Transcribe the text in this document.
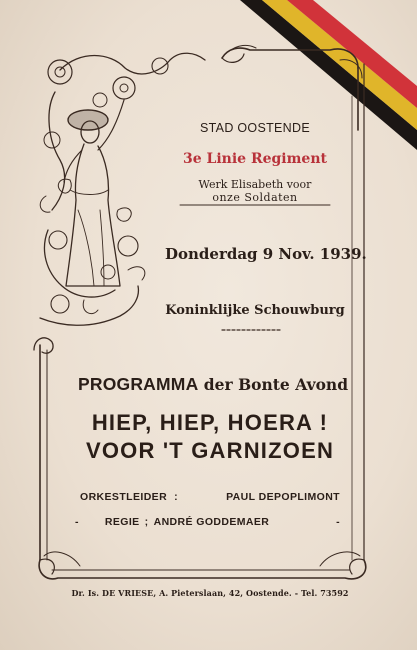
STAD OOSTENDE
3e Linie Regiment
Werk Elisabeth voor
onze Soldaten
Donderdag 9 Nov. 1939.
Koninklijke Schouwburg
PROGRAMMA der Bonte Avond
HIEP, HIEP, HOERA !
VOOR 'T GARNIZOEN
ORKESTLEIDER :	PAUL DEPOPLIMONT
- REGIE ; ANDRÉ GODDEMAER	-
Dr. Is. DE VRIESE, A. Pieterslaan, 42, Oostende. - Tel. 73592
